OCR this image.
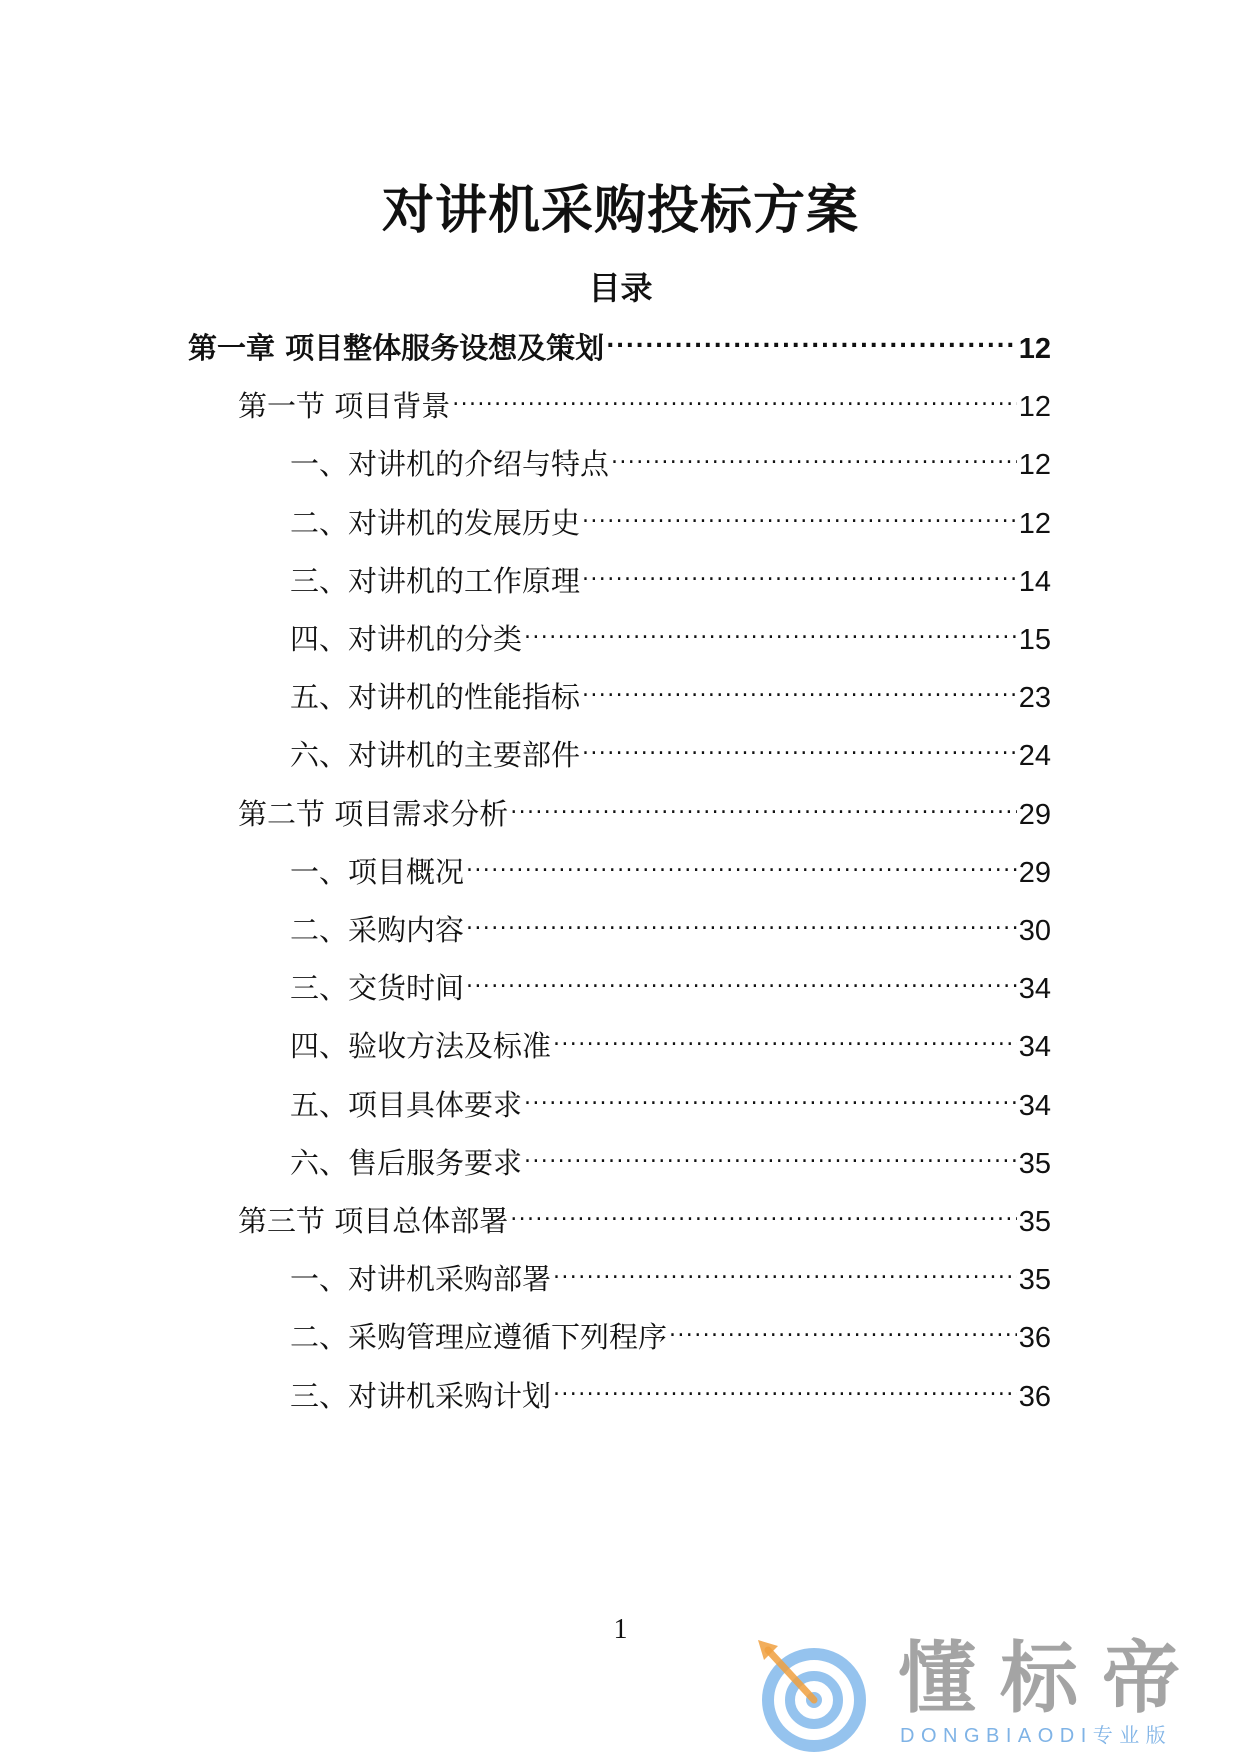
对讲机采购投标方案
目录
第一章 项目整体服务设想及策划 .....	12
第一节 项目背景 .....	12
一、对讲机的介绍与特点 .....	12
二、对讲机的发展历史 .....	12
三、对讲机的工作原理 .....	14
四、对讲机的分类 .....	15
五、对讲机的性能指标 .....	23
六、对讲机的主要部件 .....	24
第二节 项目需求分析 .....	29
一、项目概况 .....	29
二、采购内容 .....	30
三、交货时间 .....	34
四、验收方法及标准 .....	34
五、项目具体要求 .....	34
六、售后服务要求 .....	35
第三节 项目总体部署 .....	35
一、对讲机采购部署 .....	35
二、采购管理应遵循下列程序 .....	36
三、对讲机采购计划 .....	36
1
懂标帝
DONGBIAODI专业版
